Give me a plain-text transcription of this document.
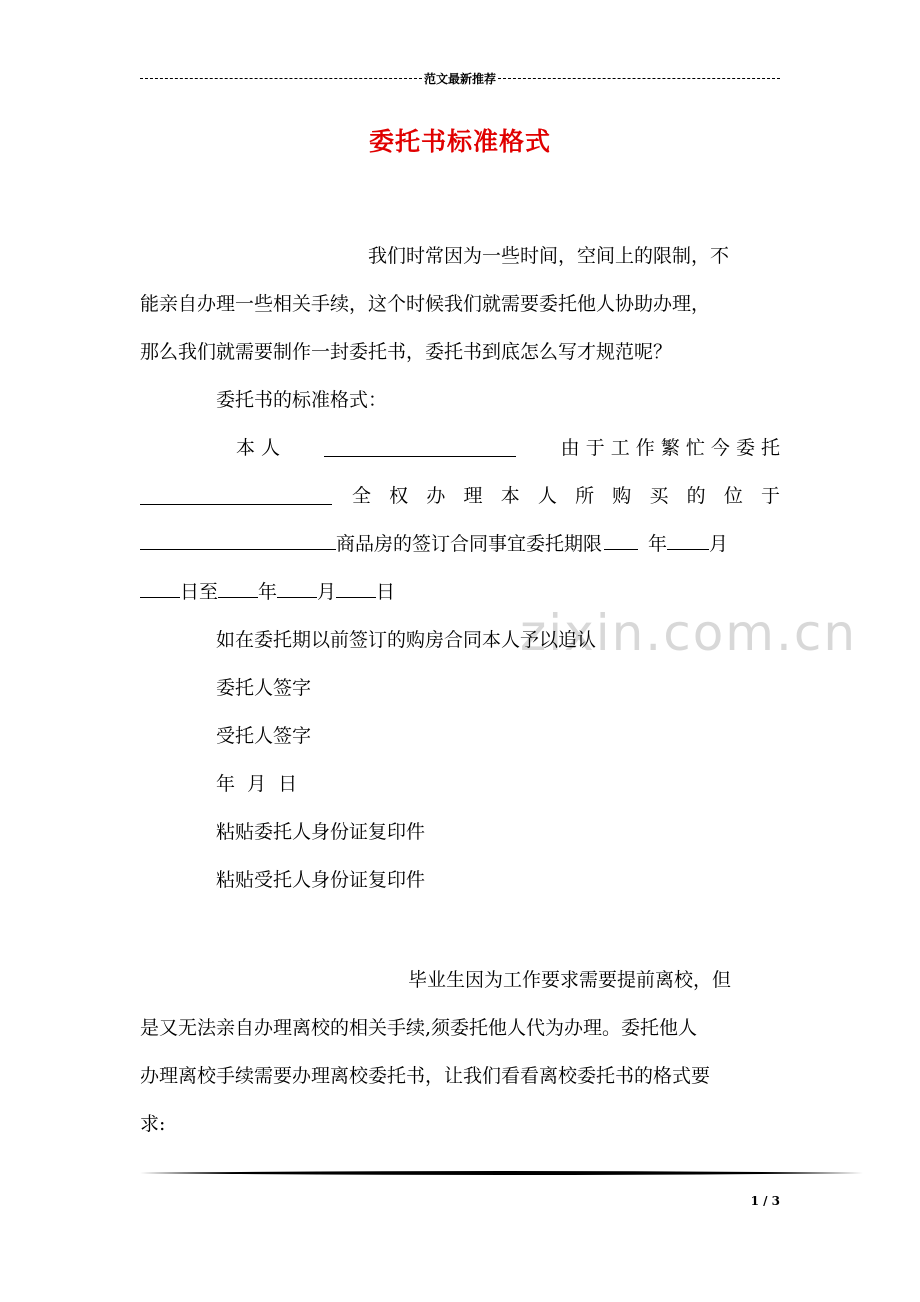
范文最新推荐
委托书标准格式
zixin.com.cn

我们时常因为一些时间，空间上的限制，不

能亲自办理一些相关手续，这个时候我们就需要委托他人协助办理，

那么我们就需要制作一封委托书，委托书到底怎么写才规范呢？

委托书的标准格式：

本 人	由 于 工 作 繁 忙 今 委 托
全 权 办 理 本 人 所 购 买 的 位 于
商品房的签订合同事宜委托期限	年 月
日至 年 月 日

如在委托期以前签订的购房合同本人予以追认

委托人签字

受托人签字

年  月  日

粘贴委托人身份证复印件

粘贴受托人身份证复印件

毕业生因为工作要求需要提前离校，但

是又无法亲自办理离校的相关手续,须委托他人代为办理。委托他人

办理离校手续需要办理离校委托书，让我们看看离校委托书的格式要

求:

1 / 3
